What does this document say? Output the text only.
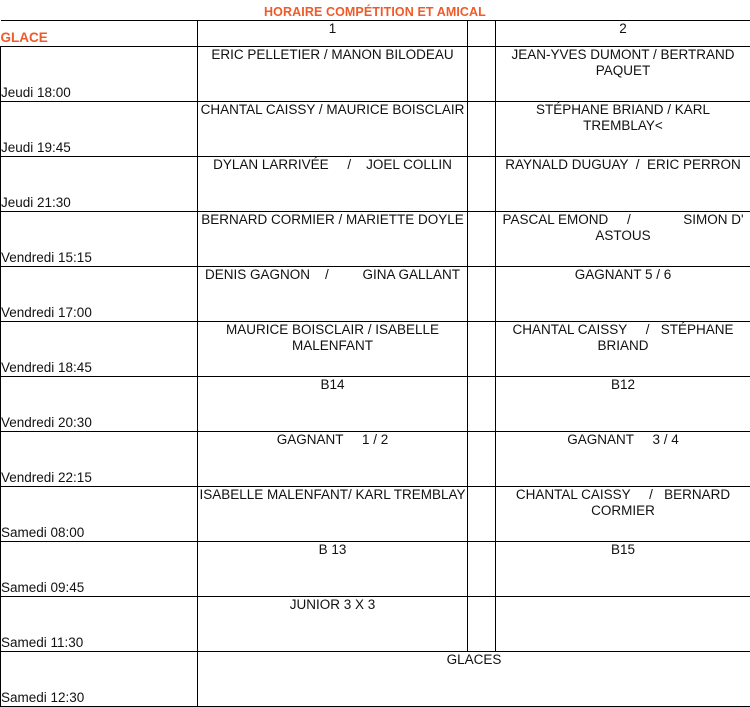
HORAIRE COMPÉTITION ET AMICAL
GLACE	1		2
Jeudi 18:00	ERIC PELLETIER / MANON BILODEAU		JEAN-YVES DUMONT / BERTRAND PAQUET
Jeudi 19:45	CHANTAL CAISSY / MAURICE BOISCLAIR		STÉPHANE BRIAND / KARL TREMBLAY<
Jeudi 21:30	DYLAN LARRIVÉE     /    JOEL COLLIN		RAYNALD DUGUAY  /  ERIC PERRON
Vendredi 15:15	BERNARD CORMIER / MARIETTE DOYLE		PASCAL EMOND     /              SIMON D' ASTOUS
Vendredi 17:00	DENIS GAGNON    /         GINA GALLANT		GAGNANT 5 / 6
Vendredi 18:45	MAURICE BOISCLAIR / ISABELLE MALENFANT		CHANTAL CAISSY     /   STÉPHANE BRIAND
Vendredi 20:30	B14		B12
Vendredi 22:15	GAGNANT     1 / 2		GAGNANT     3 / 4
Samedi 08:00	ISABELLE MALENFANT/ KARL TREMBLAY		CHANTAL CAISSY     /   BERNARD CORMIER
Samedi 09:45	B 13		B15
Samedi 11:30	JUNIOR 3 X 3		
Samedi 12:30	GLACES		
